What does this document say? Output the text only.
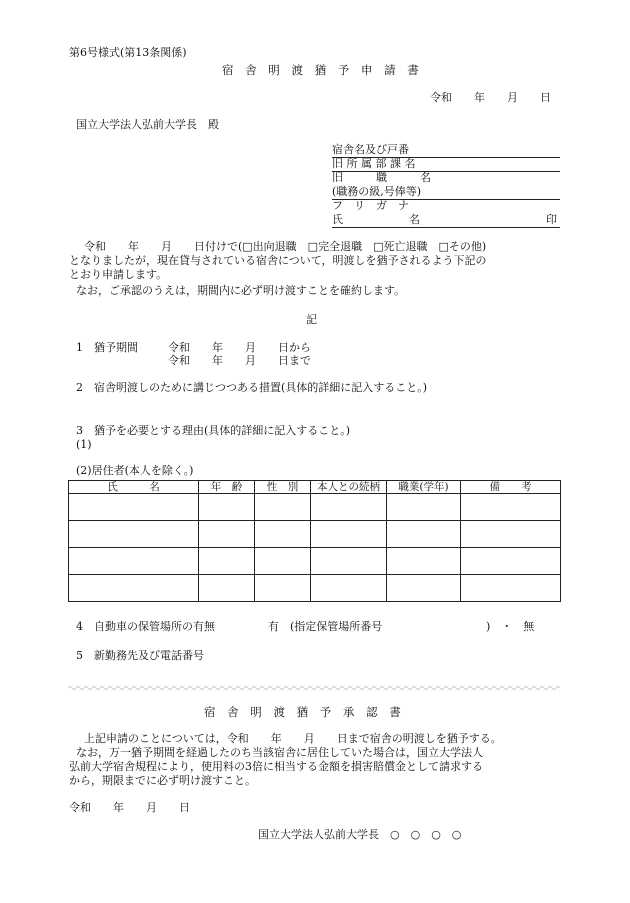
第6号様式(第13条関係)
宿 舎 明 渡 猶 予 申 請 書
令和　　年　　月　　日
国立大学法人弘前大学長　殿
宿舎名及び戸番
旧 所 属 部 課 名
旧　　　職　　　名
(職務の級,号俸等)
フ　リ　ガ　ナ
氏　　　　　　名	印
令和　　年　　月　　日付けで(□出向退職　□完全退職　□死亡退職　□その他)
となりましたが，現在貸与されている宿舎について，明渡しを猶予されるよう下記の
とおり申請します。
なお，ご承認のうえは，期間内に必ず明け渡すことを確約します。
記
1　猶予期間	令和　　年　　月　　日から
令和　　年　　月　　日まで
2　宿舎明渡しのために講じつつある措置(具体的詳細に記入すること。)
3　猶予を必要とする理由(具体的詳細に記入すること。)
(1)
(2)居住者(本人を除く。)
氏　　　名	年　齢	性　別	本人との続柄	職業(学年)	備　　考

4　自動車の保管場所の有無	有　(指定保管場所番号	)　・　無
5　新勤務先及び電話番号
宿 舎 明 渡 猶 予 承 認 書
上記申請のことについては，令和　　年　　月　　日まで宿舎の明渡しを猶予する。
なお，万一猶予期間を経過したのち当該宿舎に居住していた場合は，国立大学法人
弘前大学宿舎規程により，使用料の3倍に相当する金額を損害賠償金として請求する
から，期限までに必ず明け渡すこと。
令和　　年　　月　　日
国立大学法人弘前大学長　○　○　○　○
